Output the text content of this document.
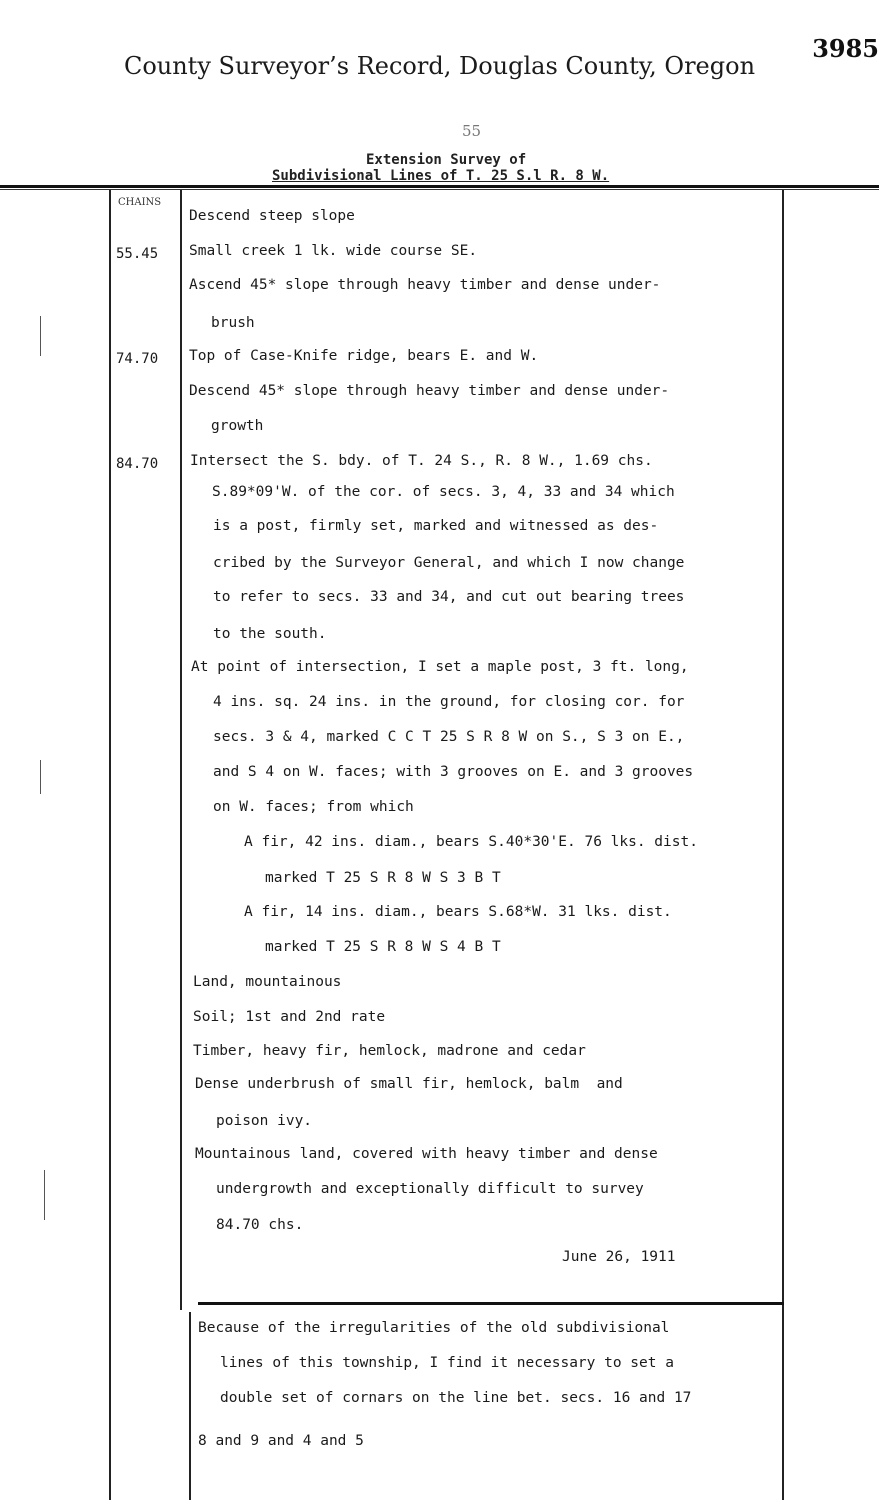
County Surveyor’s Record, Douglas County, Oregon
3985
55
Extension Survey of
Subdivisional Lines of T. 25 S.l R. 8 W.
CHAINS
55.45
74.70
84.70
Descend steep slope
Small creek 1 lk. wide course SE.
Ascend 45* slope through heavy timber and dense under-
brush
Top of Case-Knife ridge, bears E. and W.
Descend 45* slope through heavy timber and dense under-
growth
Intersect the S. bdy. of T. 24 S., R. 8 W., 1.69 chs.
S.89*09'W. of the cor. of secs. 3, 4, 33 and 34 which
is a post, firmly set, marked and witnessed as des-
cribed by the Surveyor General, and which I now change
to refer to secs. 33 and 34, and cut out bearing trees
to the south.
At point of intersection, I set a maple post, 3 ft. long,
4 ins. sq. 24 ins. in the ground, for closing cor. for
secs. 3 & 4, marked C C T 25 S R 8 W on S., S 3 on E.,
and S 4 on W. faces; with 3 grooves on E. and 3 grooves
on W. faces; from which
A fir, 42 ins. diam., bears S.40*30'E. 76 lks. dist.
marked T 25 S R 8 W S 3 B T
A fir, 14 ins. diam., bears S.68*W. 31 lks. dist.
marked T 25 S R 8 W S 4 B T
Land, mountainous
Soil; 1st and 2nd rate
Timber, heavy fir, hemlock, madrone and cedar
Dense underbrush of small fir, hemlock, balm  and
poison ivy.
Mountainous land, covered with heavy timber and dense
undergrowth and exceptionally difficult to survey
84.70 chs.
June 26, 1911
Because of the irregularities of the old subdivisional
lines of this township, I find it necessary to set a
double set of cornars on the line bet. secs. 16 and 17
8 and 9 and 4 and 5
